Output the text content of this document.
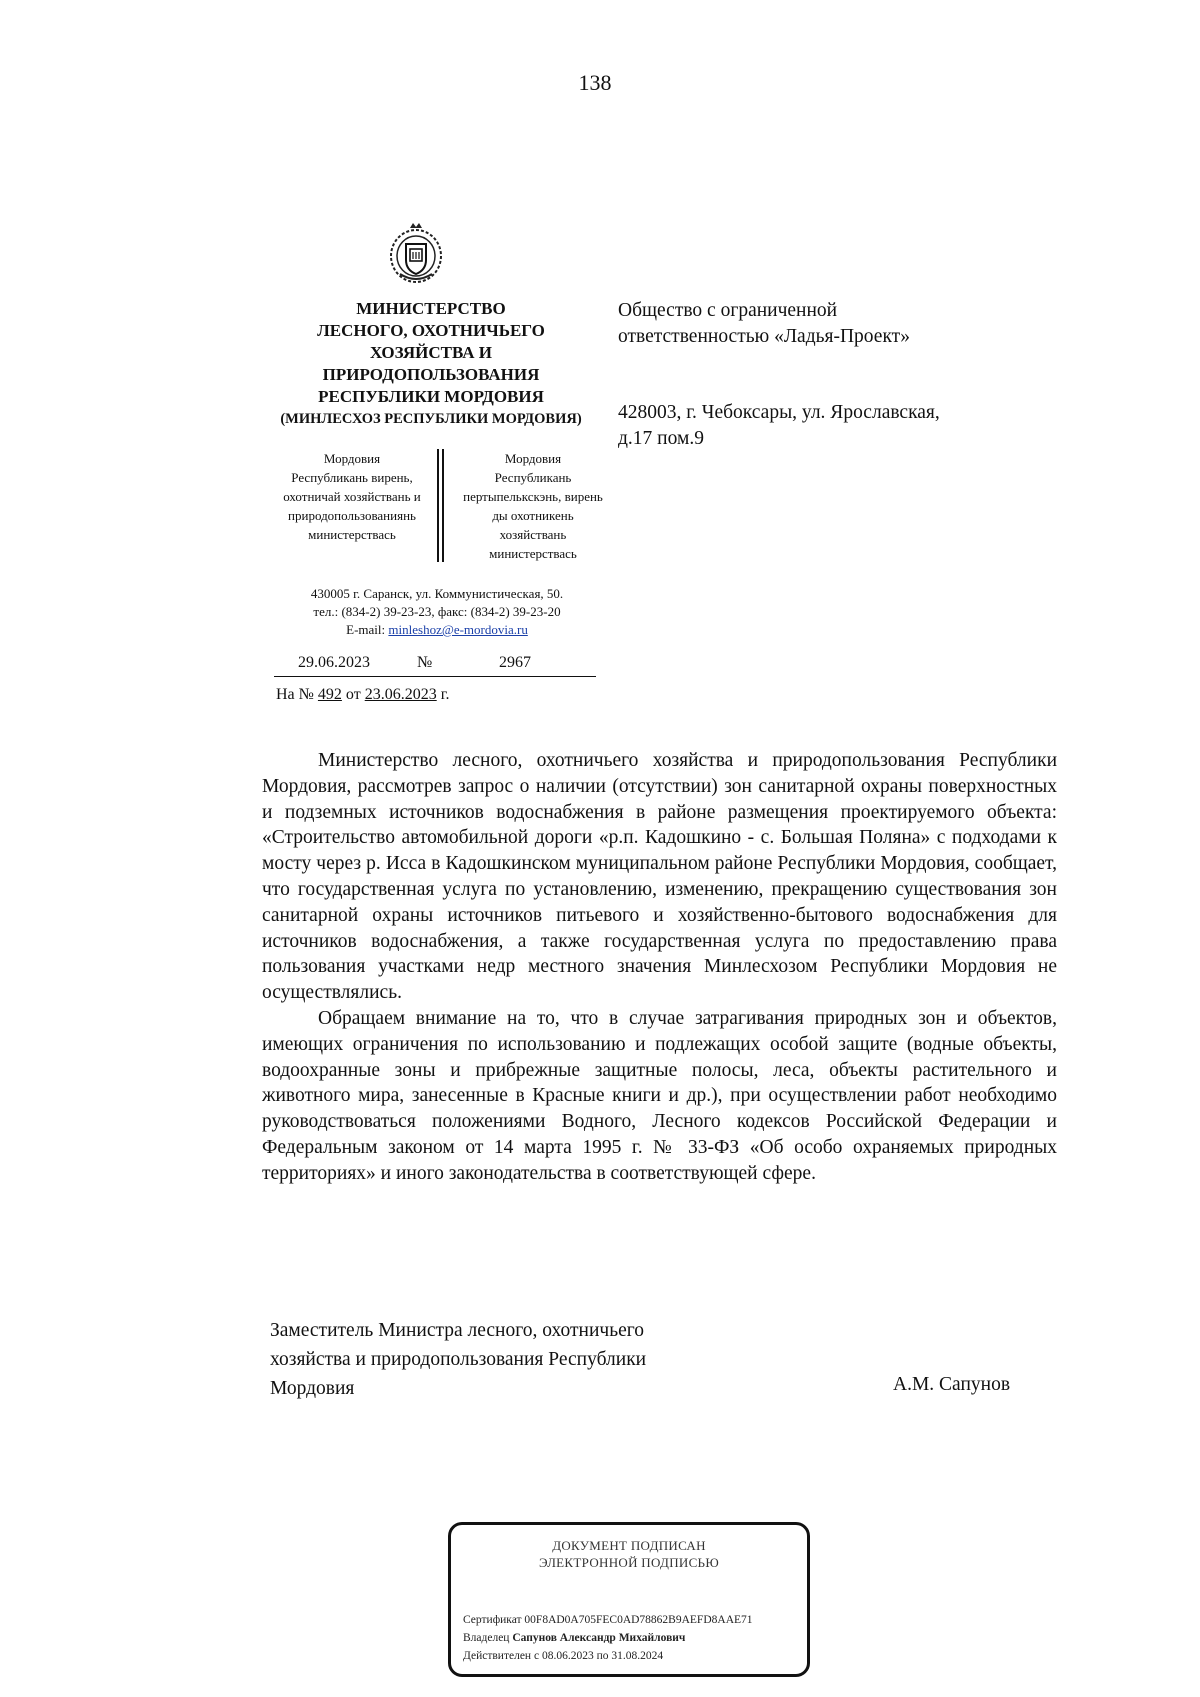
138
МИНИСТЕРСТВО
ЛЕСНОГО, ОХОТНИЧЬЕГО
ХОЗЯЙСТВА И
ПРИРОДОПОЛЬЗОВАНИЯ
РЕСПУБЛИКИ МОРДОВИЯ
(МИНЛЕСХОЗ РЕСПУБЛИКИ МОРДОВИЯ)
Мордовия
Республикань вирень,
охотничай хозяйствань и
природопользованиянь
министерствась
Мордовия
Республикань
пертыпелькскэнь, вирень
ды охотникень
хозяйствань
министерствась
430005 г. Саранск, ул. Коммунистическая, 50.
тел.: (834-2) 39-23-23, факс: (834-2) 39-23-20
E-mail: minleshoz@e-mordovia.ru
29.06.2023	№	2967
На № 492 от 23.06.2023 г.
Общество с ограниченной
ответственностью «Ладья-Проект»
428003, г. Чебоксары, ул. Ярославская,
д.17 пом.9

Министерство лесного, охотничьего хозяйства и природопользования Республики Мордовия, рассмотрев запрос о наличии (отсутствии) зон санитарной охраны поверхностных и подземных источников водоснабжения в районе размещения проектируемого объекта: «Строительство автомобильной дороги «р.п. Кадошкино - с. Большая Поляна» с подходами к мосту через р. Исса в Кадошкинском муниципальном районе Республики Мордовия, сообщает, что государственная услуга по установлению, изменению, прекращению существования зон санитарной охраны источников питьевого и хозяйственно-бытового водоснабжения для источников водоснабжения, а также государственная услуга по предоставлению права пользования участками недр местного значения Минлесхозом Республики Мордовия не осуществлялись.

Обращаем внимание на то, что в случае затрагивания природных зон и объектов, имеющих ограничения по использованию и подлежащих особой защите (водные объекты, водоохранные зоны и прибрежные защитные полосы, леса, объекты растительного и животного мира, занесенные в Красные книги и др.), при осуществлении работ необходимо руководствоваться положениями Водного, Лесного кодексов Российской Федерации и Федеральным законом от 14 марта 1995 г. № 33-ФЗ «Об особо охраняемых природных территориях» и иного законодательства в соответствующей сфере.

Заместитель Министра лесного, охотничьего
хозяйства и природопользования Республики
Мордовия	А.М. Сапунов
ДОКУМЕНТ ПОДПИСАН
ЭЛЕКТРОННОЙ ПОДПИСЬЮ
Сертификат 00F8AD0A705FEC0AD78862B9AEFD8AAE71
Владелец Сапунов Александр Михайлович
Действителен с 08.06.2023 по 31.08.2024
